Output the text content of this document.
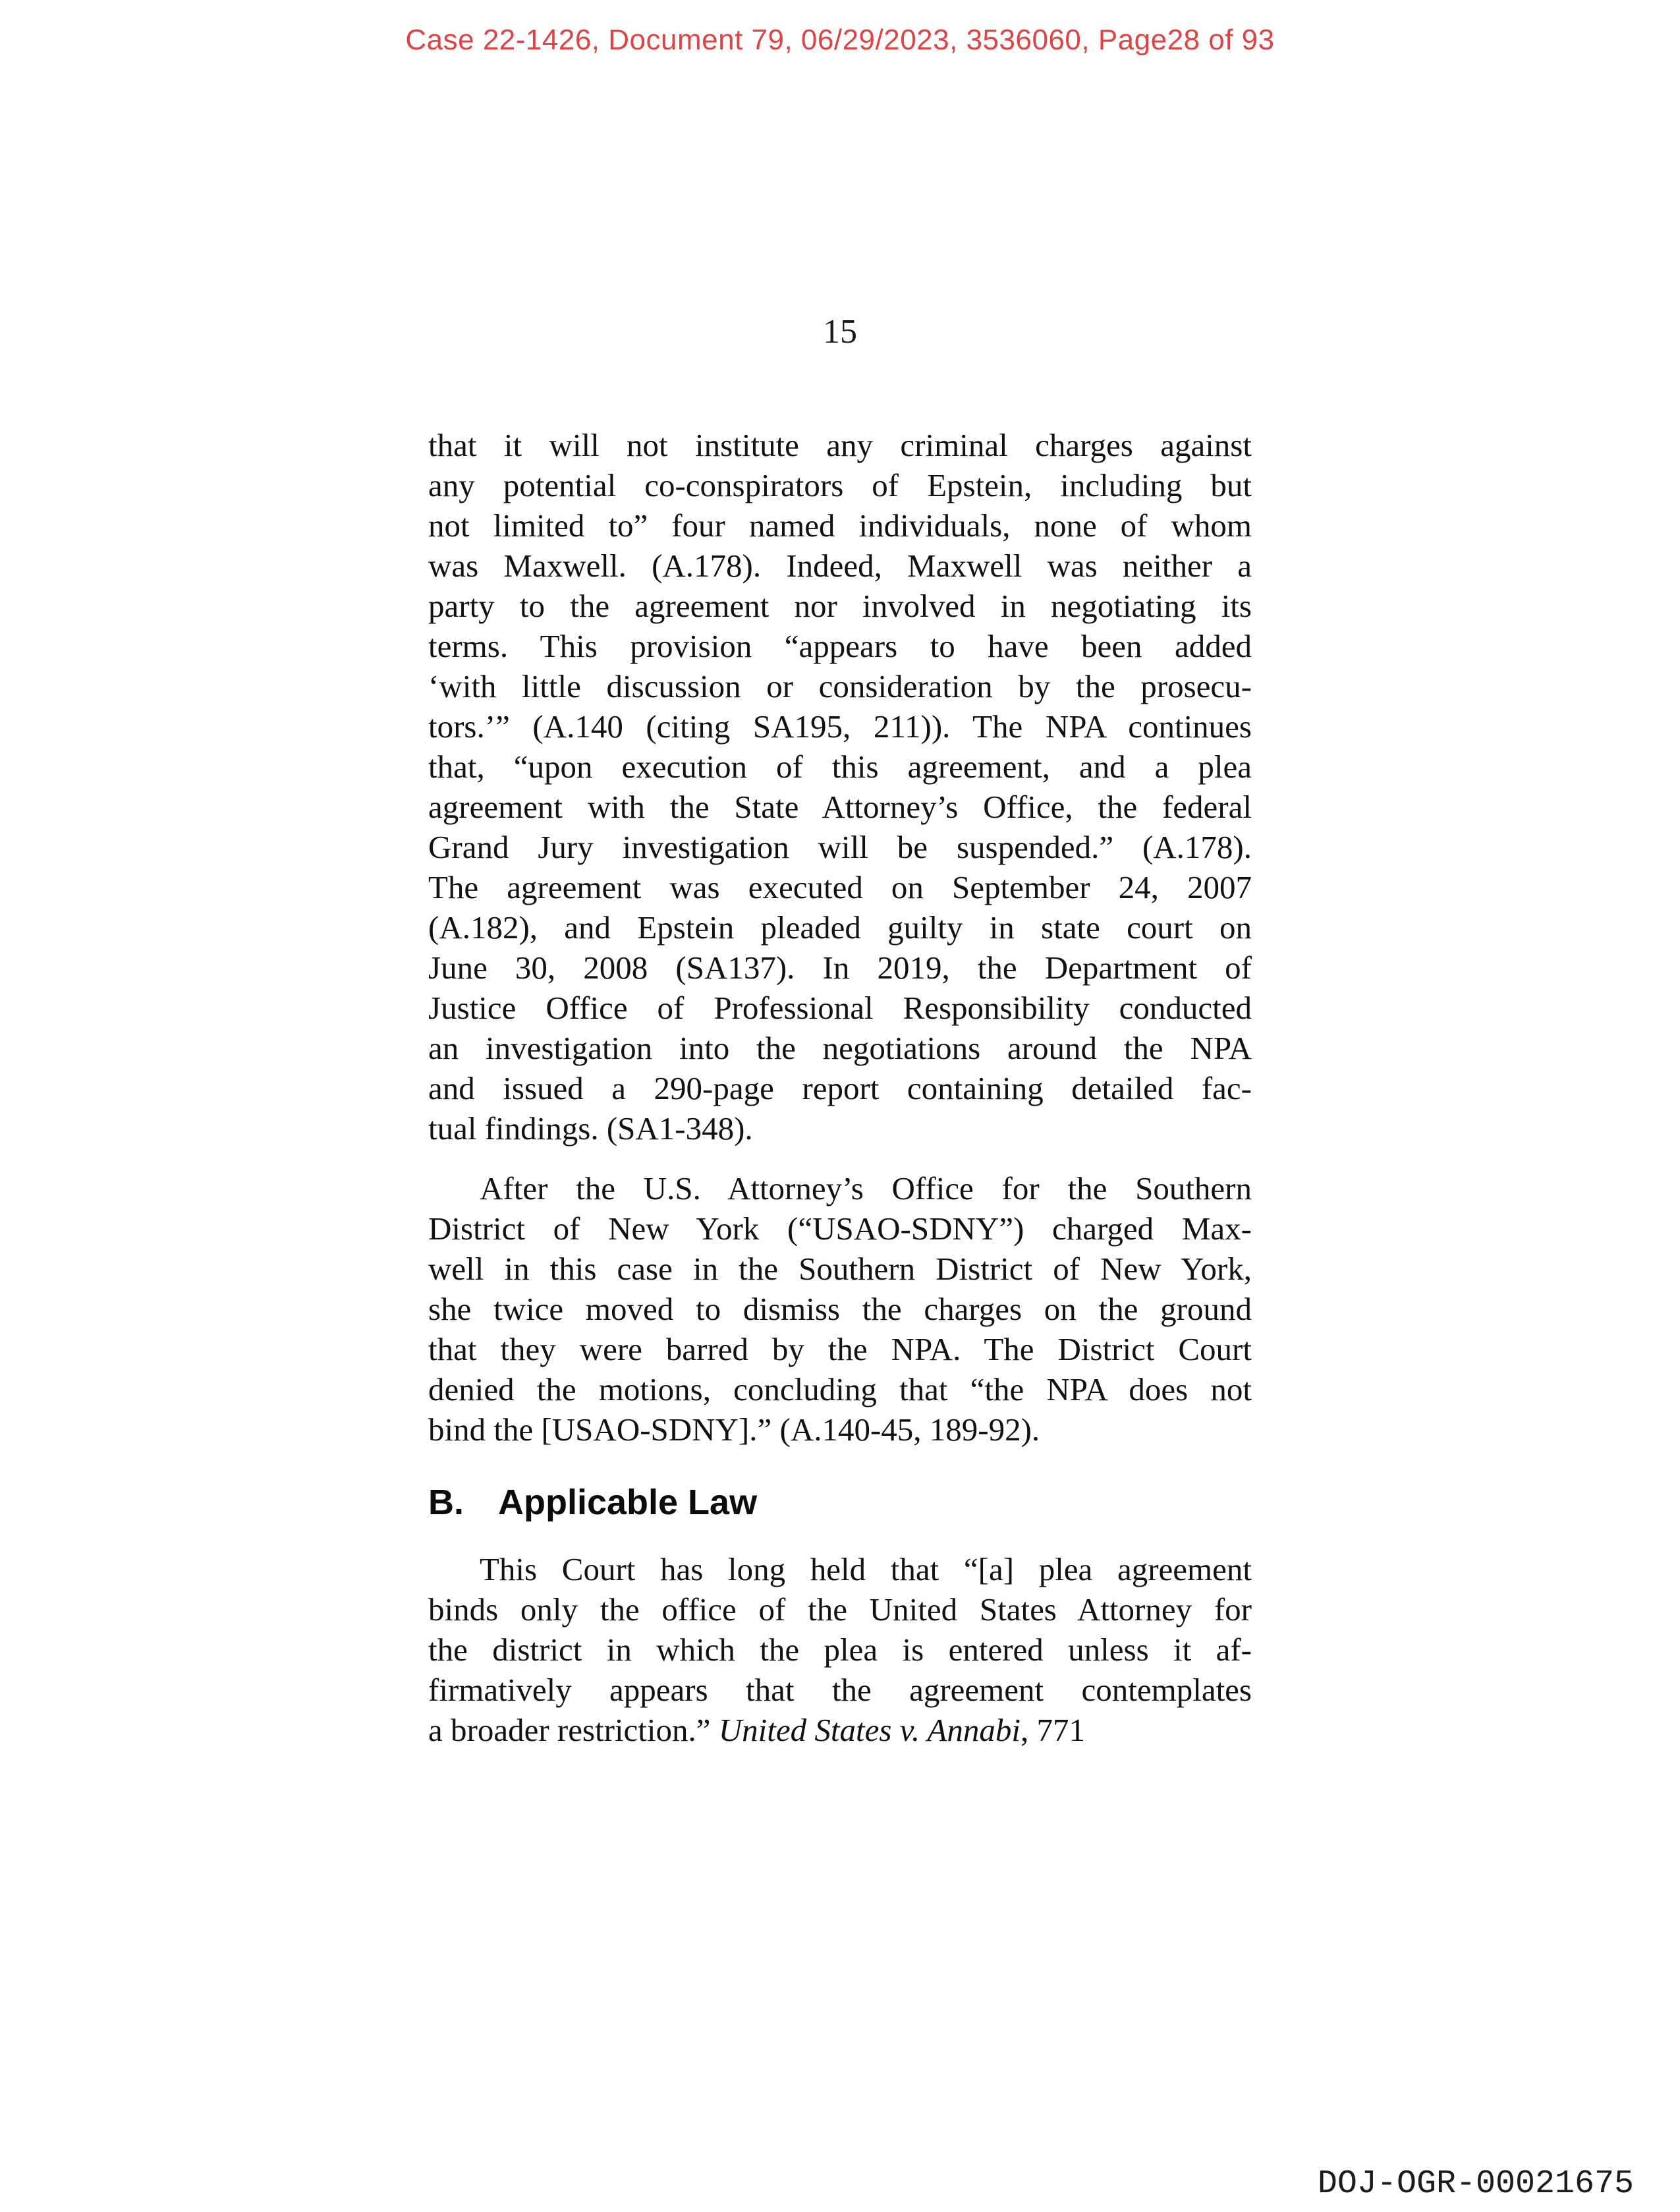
Case 22-1426, Document 79, 06/29/2023, 3536060, Page28 of 93
15
that it will not institute any criminal charges against
any potential co-conspirators of Epstein, including but
not limited to” four named individuals, none of whom
was Maxwell. (A.178). Indeed, Maxwell was neither a
party to the agreement nor involved in negotiating its
terms. This provision “appears to have been added
‘with little discussion or consideration by the prosecu-
tors.’” (A.140 (citing SA195, 211)). The NPA continues
that, “upon execution of this agreement, and a plea
agreement with the State Attorney’s Office, the federal
Grand Jury investigation will be suspended.” (A.178).
The agreement was executed on September 24, 2007
(A.182), and Epstein pleaded guilty in state court on
June 30, 2008 (SA137). In 2019, the Department of
Justice Office of Professional Responsibility conducted
an investigation into the negotiations around the NPA
and issued a 290-page report containing detailed fac-
tual findings. (SA1-348).
After the U.S. Attorney’s Office for the Southern
District of New York (“USAO-SDNY”) charged Max-
well in this case in the Southern District of New York,
she twice moved to dismiss the charges on the ground
that they were barred by the NPA. The District Court
denied the motions, concluding that “the NPA does not
bind the [USAO-SDNY].” (A.140-45, 189-92).
B. Applicable Law
This Court has long held that “[a] plea agreement
binds only the office of the United States Attorney for
the district in which the plea is entered unless it af-
firmatively appears that the agreement contemplates
a broader restriction.” United States v. Annabi, 771
DOJ-OGR-00021675
